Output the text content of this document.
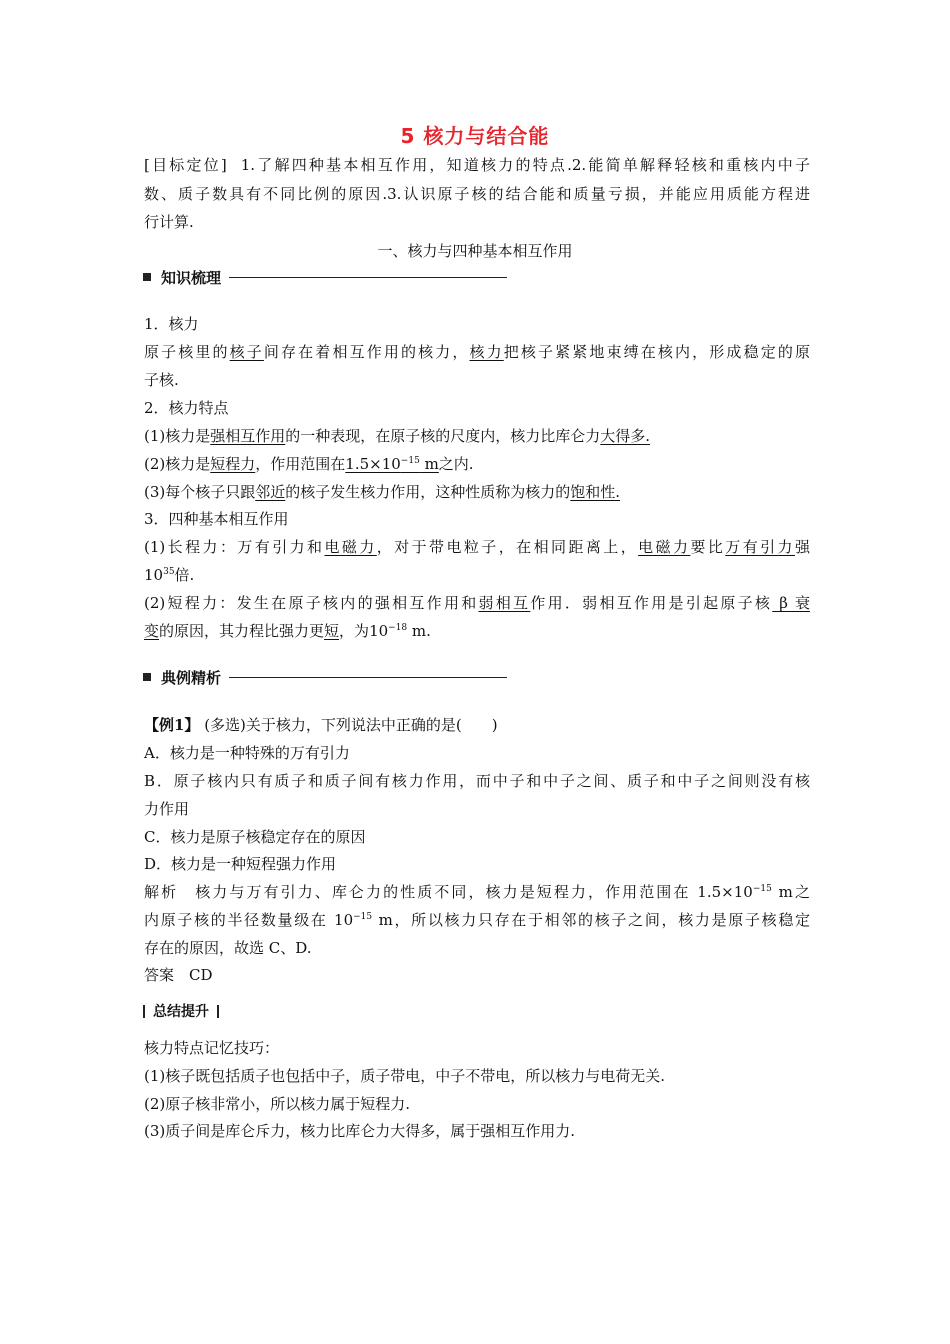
5 核力与结合能
[目标定位] 1.了解四种基本相互作用，知道核力的特点.2.能简单解释轻核和重核内中子
数、质子数具有不同比例的原因.3.认识原子核的结合能和质量亏损，并能应用质能方程进
行计算.
一、核力与四种基本相互作用
知识梳理
1．核力
原子核里的核子间存在着相互作用的核力，核力把核子紧紧地束缚在核内，形成稳定的原
子核.
2．核力特点
(1)核力是强相互作用的一种表现，在原子核的尺度内，核力比库仑力大得多.
(2)核力是短程力，作用范围在$1.5\times 10^{-15}$ m之内.
(3)每个核子只跟邻近的核子发生核力作用，这种性质称为核力的饱和性.
3．四种基本相互作用
(1)长程力：万有引力和电磁力，对于带电粒子，在相同距离上，电磁力要比万有引力强
$10^{35}$倍.
(2)短程力：发生在原子核内的强相互作用和弱相互作用．弱相互作用是引起原子核 β 衰
变的原因，其力程比强力更短，为$10^{-18}$ m.
典例精析
【例1】 (多选)关于核力，下列说法中正确的是(　　)
A．核力是一种特殊的万有引力
B．原子核内只有质子和质子间有核力作用，而中子和中子之间、质子和中子之间则没有核
力作用
C．核力是原子核稳定存在的原因
D．核力是一种短程强力作用
解析　核力与万有引力、库仑力的性质不同，核力是短程力，作用范围在 $1.5\times 10^{-15}$ m之
内原子核的半径数量级在 $10^{-15}$ m，所以核力只存在于相邻的核子之间，核力是原子核稳定
存在的原因，故选 C、D.
答案　CD
总结提升
核力特点记忆技巧：
(1)核子既包括质子也包括中子，质子带电，中子不带电，所以核力与电荷无关.
(2)原子核非常小，所以核力属于短程力.
(3)质子间是库仑斥力，核力比库仑力大得多，属于强相互作用力.
